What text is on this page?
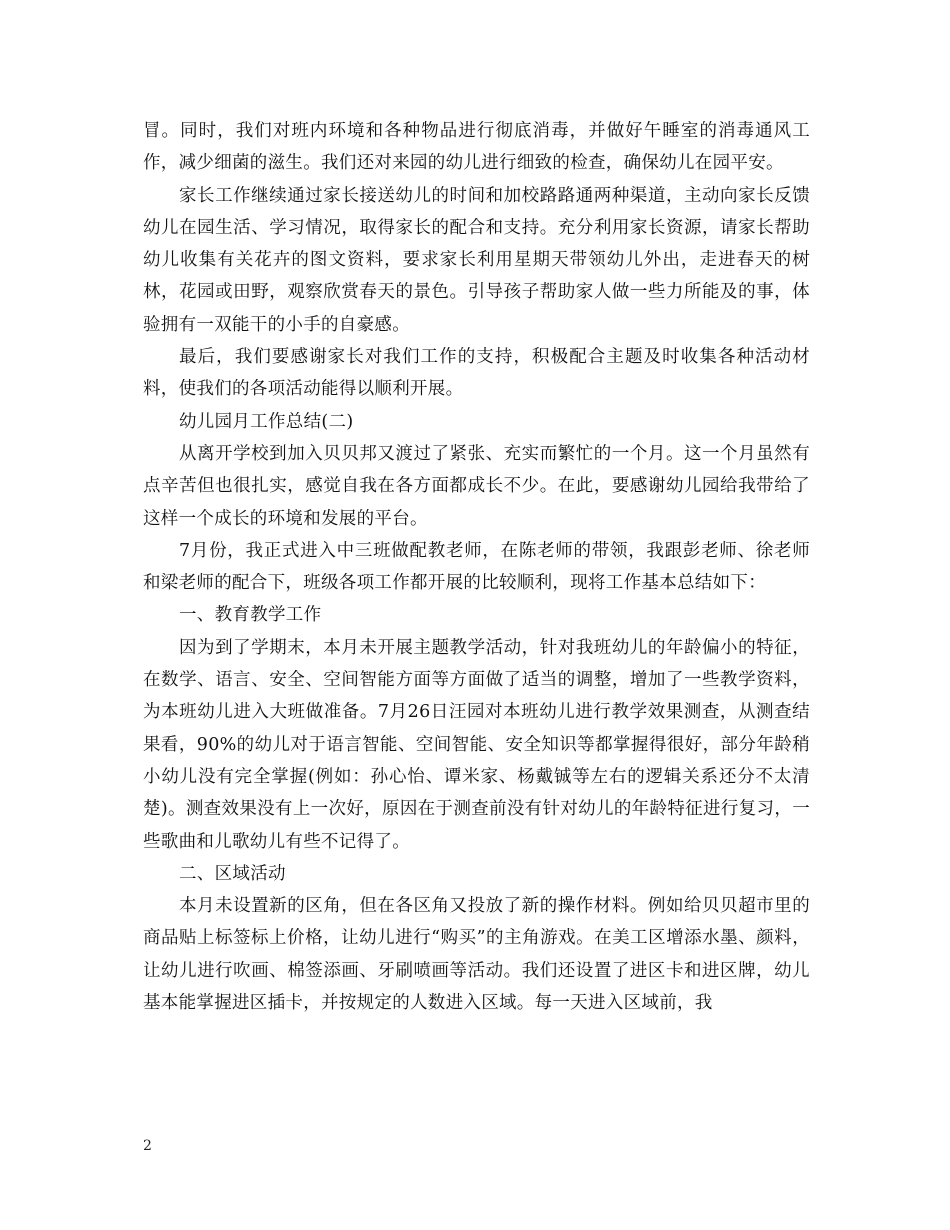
冒。同时，我们对班内环境和各种物品进行彻底消毒，并做好午睡室的消毒通风工作，减少细菌的滋生。我们还对来园的幼儿进行细致的检查，确保幼儿在园平安。

家长工作继续通过家长接送幼儿的时间和加校路路通两种渠道，主动向家长反馈幼儿在园生活、学习情况，取得家长的配合和支持。充分利用家长资源，请家长帮助幼儿收集有关花卉的图文资料，要求家长利用星期天带领幼儿外出，走进春天的树林，花园或田野，观察欣赏春天的景色。引导孩子帮助家人做一些力所能及的事，体验拥有一双能干的小手的自豪感。

最后，我们要感谢家长对我们工作的支持，积极配合主题及时收集各种活动材料，使我们的各项活动能得以顺利开展。

幼儿园月工作总结(二)

从离开学校到加入贝贝邦又渡过了紧张、充实而繁忙的一个月。这一个月虽然有点辛苦但也很扎实，感觉自我在各方面都成长不少。在此，要感谢幼儿园给我带给了这样一个成长的环境和发展的平台。

7月份，我正式进入中三班做配教老师，在陈老师的带领，我跟彭老师、徐老师和梁老师的配合下，班级各项工作都开展的比较顺利，现将工作基本总结如下：

一、教育教学工作

因为到了学期末，本月未开展主题教学活动，针对我班幼儿的年龄偏小的特征，在数学、语言、安全、空间智能方面等方面做了适当的调整，增加了一些教学资料，为本班幼儿进入大班做准备。7月26日汪园对本班幼儿进行教学效果测查，从测查结果看，90%的幼儿对于语言智能、空间智能、安全知识等都掌握得很好，部分年龄稍小幼儿没有完全掌握(例如：孙心怡、谭米家、杨戴铖等左右的逻辑关系还分不太清楚)。测查效果没有上一次好，原因在于测查前没有针对幼儿的年龄特征进行复习，一些歌曲和儿歌幼儿有些不记得了。

二、区域活动

本月未设置新的区角，但在各区角又投放了新的操作材料。例如给贝贝超市里的商品贴上标签标上价格，让幼儿进行“购买”的主角游戏。在美工区增添水墨、颜料，让幼儿进行吹画、棉签添画、牙刷喷画等活动。我们还设置了进区卡和进区牌，幼儿基本能掌握进区插卡，并按规定的人数进入区域。每一天进入区域前，我

2
